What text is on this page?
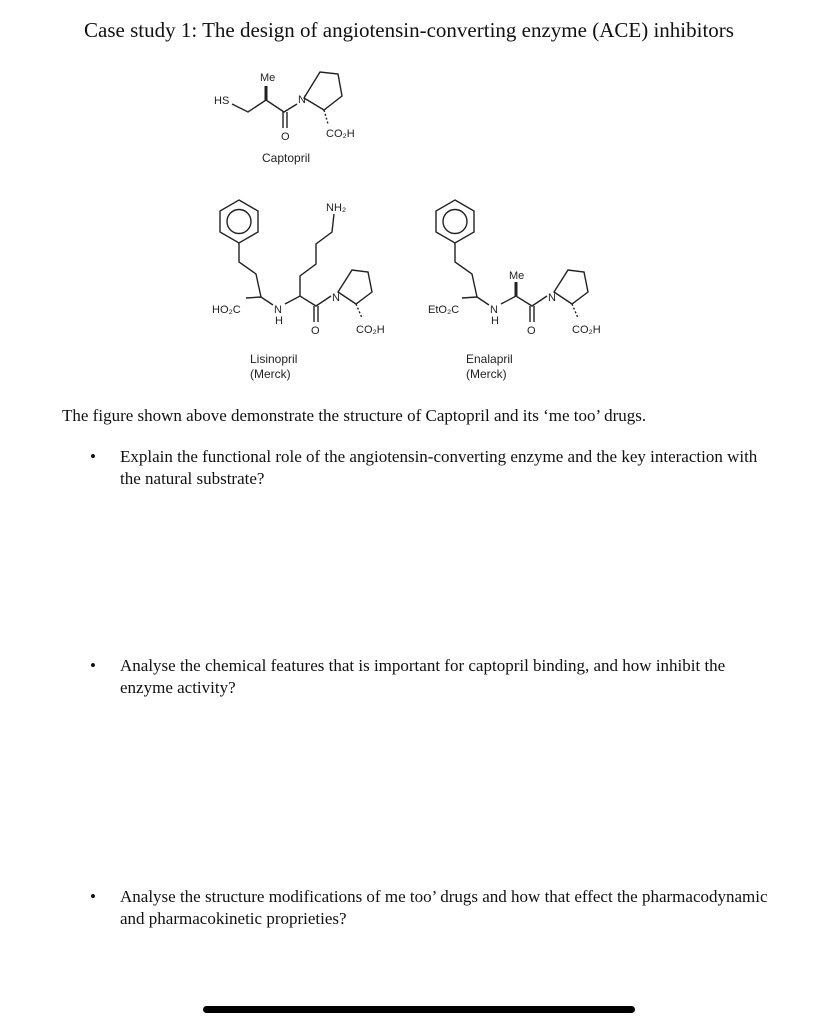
Case study 1: The design of angiotensin-converting enzyme (ACE) inhibitors
HS
Me
N
O	CO₂H
Captopril
NH₂
HO₂C	N
H
N
O	CO₂H
Lisinopril
(Merck)
EtO₂C	N
H
Me
N
O	CO₂H
Enalapril
(Merck)
The figure shown above demonstrate the structure of Captopril and its ‘me too’ drugs.
•	Explain the functional role of the angiotensin-converting enzyme and the key interaction with the natural substrate?
•	Analyse the chemical features that is important for captopril binding, and how inhibit the enzyme activity?
•	Analyse the structure modifications of me too’ drugs and how that effect the pharmacodynamic and pharmacokinetic proprieties?
